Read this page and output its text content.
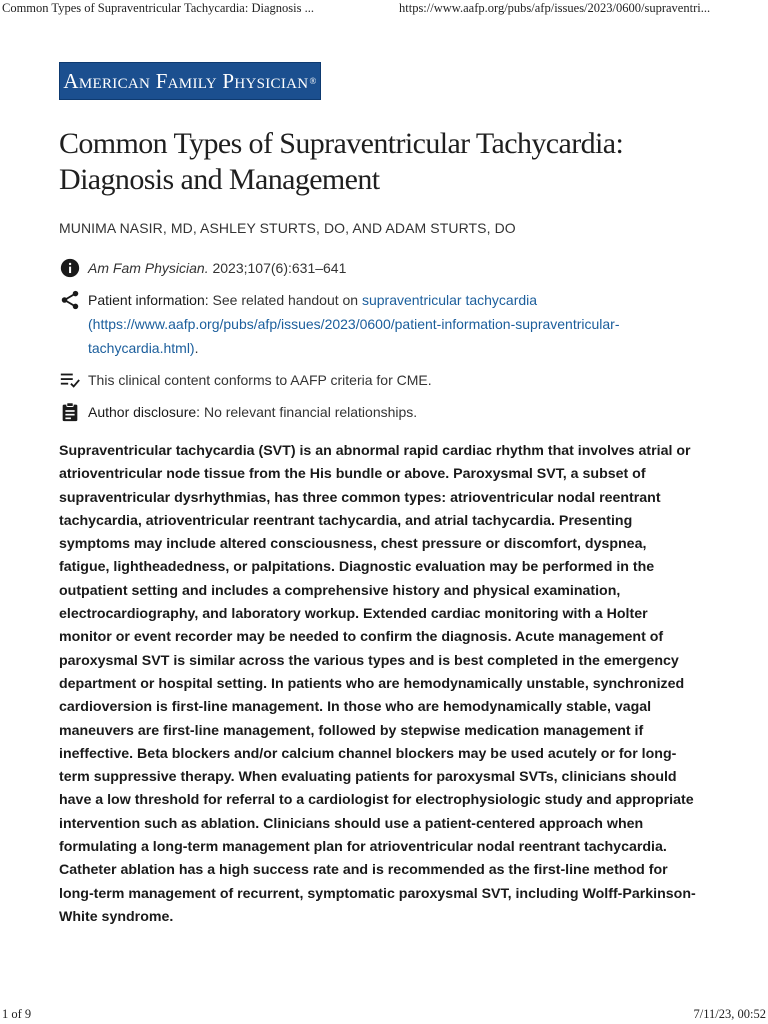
Common Types of Supraventricular Tachycardia: Diagnosis ...	https://www.aafp.org/pubs/afp/issues/2023/0600/supraventri...
American Family Physician ®
Common Types of Supraventricular Tachycardia: Diagnosis and Management
MUNIMA NASIR, MD, ASHLEY STURTS, DO, AND ADAM STURTS, DO
Am Fam Physician. 2023;107(6):631–641
Patient information: See related handout on supraventricular tachycardia (https://www.aafp.org/pubs/afp/issues/2023/0600/patient-information-supraventricular-tachycardia.html).
This clinical content conforms to AAFP criteria for CME.
Author disclosure: No relevant financial relationships.

Supraventricular tachycardia (SVT) is an abnormal rapid cardiac rhythm that involves atrial or atrioventricular node tissue from the His bundle or above. Paroxysmal SVT, a subset of supraventricular dysrhythmias, has three common types: atrioventricular nodal reentrant tachycardia, atrioventricular reentrant tachycardia, and atrial tachycardia. Presenting symptoms may include altered consciousness, chest pressure or discomfort, dyspnea, fatigue, lightheadedness, or palpitations. Diagnostic evaluation may be performed in the outpatient setting and includes a comprehensive history and physical examination, electrocardiography, and laboratory workup. Extended cardiac monitoring with a Holter monitor or event recorder may be needed to confirm the diagnosis. Acute management of paroxysmal SVT is similar across the various types and is best completed in the emergency department or hospital setting. In patients who are hemodynamically unstable, synchronized cardioversion is first-line management. In those who are hemodynamically stable, vagal maneuvers are first-line management, followed by stepwise medication management if ineffective. Beta blockers and/or calcium channel blockers may be used acutely or for long-term suppressive therapy. When evaluating patients for paroxysmal SVTs, clinicians should have a low threshold for referral to a cardiologist for electrophysiologic study and appropriate intervention such as ablation. Clinicians should use a patient-centered approach when formulating a long-term management plan for atrioventricular nodal reentrant tachycardia. Catheter ablation has a high success rate and is recommended as the first-line method for long-term management of recurrent, symptomatic paroxysmal SVT, including Wolff-Parkinson-White syndrome.

1 of 9	7/11/23, 00:52
